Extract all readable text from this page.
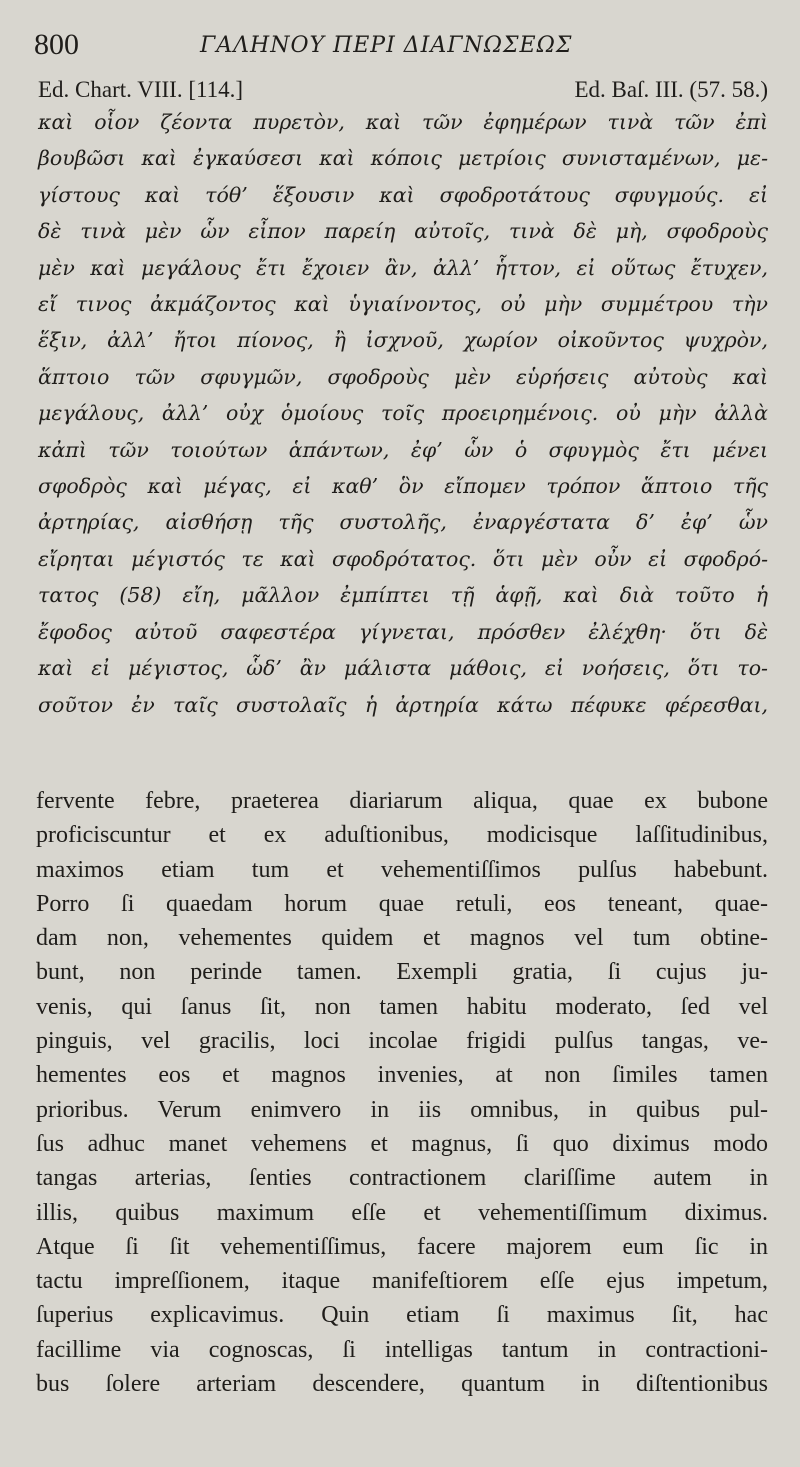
800	ΓΑΛΗΝΟΥ ΠΕΡΙ ΔΙΑΓΝΩΣΕΩΣ
Ed. Chart. VIII. [114.]	Ed. Baſ. III. (57. 58.)
καὶ οἷον ζέοντα πυρετὸν, καὶ τῶν ἐφημέρων τινὰ τῶν ἐπὶ
βουβῶσι καὶ ἐγκαύσεσι καὶ κόποις μετρίοις συνισταμένων, με-
γίστους καὶ τόθ’ ἕξουσιν καὶ σφοδροτάτους σφυγμούς. εἰ
δὲ τινὰ μὲν ὧν εἶπον παρείη αὐτοῖς, τινὰ δὲ μὴ, σφοδροὺς
μὲν καὶ μεγάλους ἔτι ἔχοιεν ἂν, ἀλλ’ ἧττον, εἰ οὕτως ἔτυχεν,
εἴ τινος ἀκμάζοντος καὶ ὑγιαίνοντος, οὐ μὴν συμμέτρου τὴν
ἕξιν, ἀλλ’ ἤτοι πίονος, ἢ ἰσχνοῦ, χωρίον οἰκοῦντος ψυχρὸν,
ἅπτοιο τῶν σφυγμῶν, σφοδροὺς μὲν εὑρήσεις αὐτοὺς καὶ
μεγάλους, ἀλλ’ οὐχ ὁμοίους τοῖς προειρημένοις. οὐ μὴν ἀλλὰ
κἀπὶ τῶν τοιούτων ἁπάντων, ἐφ’ ὧν ὁ σφυγμὸς ἔτι μένει
σφοδρὸς καὶ μέγας, εἰ καθ’ ὃν εἴπομεν τρόπον ἅπτοιο τῆς
ἀρτηρίας, αἰσθήσῃ τῆς συστολῆς, ἐναργέστατα δ’ ἐφ’ ὧν
εἴρηται μέγιστός τε καὶ σφοδρότατος. ὅτι μὲν οὖν εἰ σφοδρό-
τατος (58) εἴη, μᾶλλον ἐμπίπτει τῇ ἁφῇ, καὶ διὰ τοῦτο ἡ
ἔφοδος αὐτοῦ σαφεστέρα γίγνεται, πρόσθεν ἐλέχθη· ὅτι δὲ
καὶ εἰ μέγιστος, ὧδ’ ἂν μάλιστα μάθοις, εἰ νοήσεις, ὅτι το-
σοῦτον ἐν ταῖς συστολαῖς ἡ ἀρτηρία κάτω πέφυκε φέρεσθαι,
fervente febre, praeterea diariarum aliqua, quae ex bubone
proficiscuntur et ex aduſtionibus, modicisque laſſitudinibus,
maximos etiam tum et vehementiſſimos pulſus habebunt.
Porro ſi quaedam horum quae retuli, eos teneant, quae-
dam non, vehementes quidem et magnos vel tum obtine-
bunt, non perinde tamen. Exempli gratia, ſi cujus ju-
venis, qui ſanus ſit, non tamen habitu moderato, ſed vel
pinguis, vel gracilis, loci incolae frigidi pulſus tangas, ve-
hementes eos et magnos invenies, at non ſimiles tamen
prioribus. Verum enimvero in iis omnibus, in quibus pul-
ſus adhuc manet vehemens et magnus, ſi quo diximus modo
tangas arterias, ſenties contractionem clariſſime autem in
illis, quibus maximum eſſe et vehementiſſimum diximus.
Atque ſi ſit vehementiſſimus, facere majorem eum ſic in
tactu impreſſionem, itaque manifeſtiorem eſſe ejus impetum,
ſuperius explicavimus. Quin etiam ſi maximus ſit, hac
facillime via cognoscas, ſi intelligas tantum in contractioni-
bus ſolere arteriam descendere, quantum in diſtentionibus
